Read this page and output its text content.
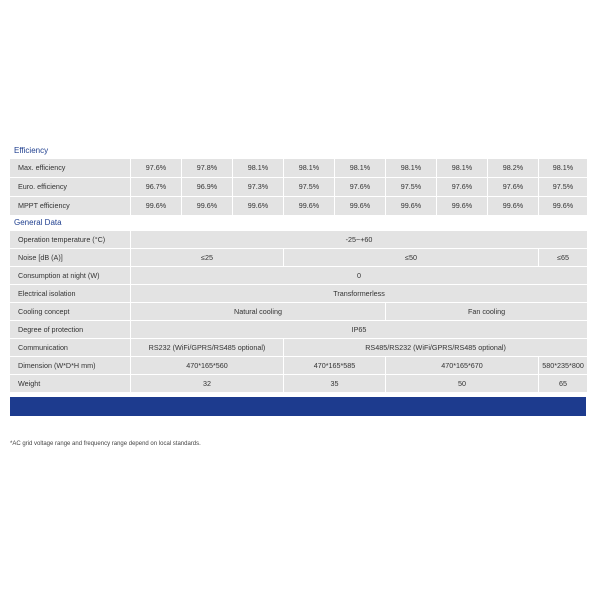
Efficiency
Max. efficiency	97.6%	97.8%	98.1%	98.1%	98.1%	98.1%	98.1%	98.2%	98.1%
Euro. efficiency	96.7%	96.9%	97.3%	97.5%	97.6%	97.5%	97.6%	97.6%	97.5%
MPPT efficiency	99.6%	99.6%	99.6%	99.6%	99.6%	99.6%	99.6%	99.6%	99.6%
General Data
Operation temperature (°C)	-25~+60			
Noise [dB (A)]	≤25	≤50		≤65
Consumption at night (W)	0			
Electrical isolation	Transformerless			
Cooling concept	Natural cooling		Fan cooling	
Degree of protection	IP65			
Communication	RS232 (WiFi/GPRS/RS485 optional)	RS485/RS232 (WiFi/GPRS/RS485 optional)		
Dimension (W*D*H mm)	470*165*560	470*165*585	470*165*670	580*235*800
Weight	32	35	50	65
*AC grid voltage range and frequency range depend on local standards.
